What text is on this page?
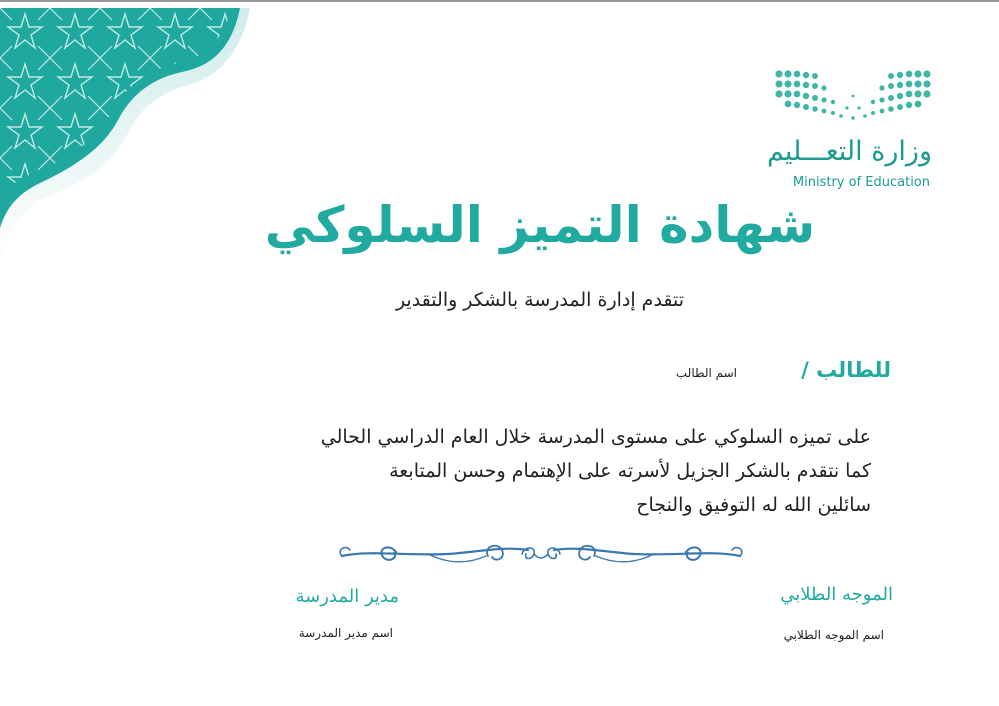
وزارة التعـــليم
Ministry of Education
شهادة التميز السلوكي
تتقدم إدارة المدرسة بالشكر والتقدير
للطالب /
اسم الطالب
على تميزه السلوكي على مستوى المدرسة خلال العام الدراسي الحالي
كما نتقدم بالشكر الجزيل لأسرته على الإهتمام وحسن المتابعة
سائلين الله له التوفيق والنجاح
الموجه الطلابي
اسم الموجه الطلابي
مدير المدرسة
اسم مدير المدرسة
